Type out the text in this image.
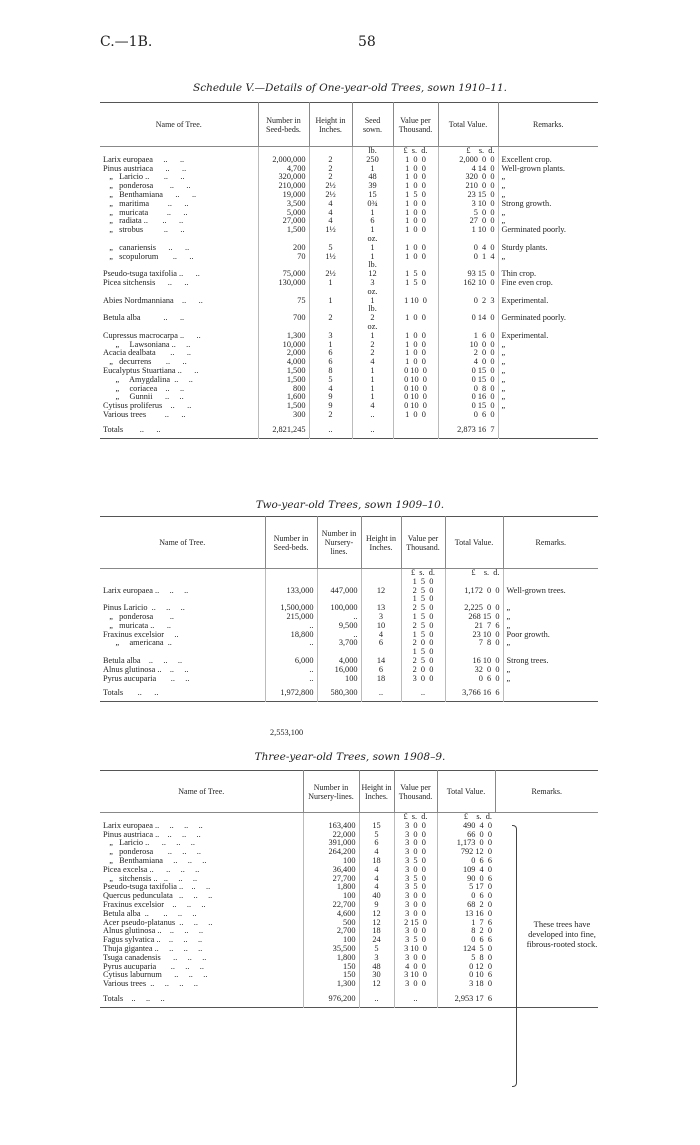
C.—1B.	58
Schedule V.—Details of One-year-old Trees, sown 1910–11.
Name of Tree.	Number in Seed-beds.	Height in Inches.	Seed sown.	Value per Thousand.	Total Value.	Remarks.
			lb.	£  s.  d.	£    s.  d.	
Larix europaea     ..      ..	2,000,000	2	250	1  0  0	2,000  0  0	Excellent crop.
Pinus austriaca      ..      ..	4,700	2	1	1  0  0	4 14  0	Well-grown plants.
„   Laricio ..       ..      ..	320,000	2	48	1  0  0	320  0  0	„
„   ponderosa        ..      ..	210,000	2½	39	1  0  0	210  0  0	„
„   Benthamiana      ..      ..	19,000	2½	15	1  5  0	23 15  0	„
„   maritima         ..      ..	3,500	4	0¾	1  0  0	3 10  0	Strong growth.
„   muricata         ..      ..	5,000	4	1	1  0  0	5  0  0	„
„   radiata ..       ..      ..	27,000	4	6	1  0  0	27  0  0	„
„   strobus          ..      ..	1,500	1½	1	1  0  0	1 10  0	Germinated poorly.
			oz.			
„   canariensis      ..      ..	200	5	1	1  0  0	0  4  0	Sturdy plants.
„   scopulorum       ..      ..	70	1½	1	1  0  0	0  1  4	„
			lb.			
Pseudo-tsuga taxifolia ..      ..	75,000	2½	12	1  5  0	93 15  0	Thin crop.
Picea sitchensis      ..      ..	130,000	1	3	1  5  0	162 10  0	Fine even crop.
			oz.			
Abies Nordmanniana    ..      ..	75	1	1	1 10  0	0  2  3	Experimental.
			lb.			
Betula alba           ..      ..	700	2	2	1  0  0	0 14  0	Germinated poorly.
			oz.			
Cupressus macrocarpa ..      ..	1,300	3	1	1  0  0	1  6  0	Experimental.
„     Lawsoniana ..     ..	10,000	1	2	1  0  0	10  0  0	„
Acacia dealbata       ..      ..	2,000	6	2	1  0  0	2  0  0	„
„   decurrens       ..      ..	4,000	6	4	1  0  0	4  0  0	„
Eucalyptus Stuartiana ..      ..	1,500	8	1	0 10  0	0 15  0	„
„     Amygdalina  ..     ..	1,500	5	1	0 10  0	0 15  0	„
„     coriacea    ..     ..	800	4	1	0 10  0	0  8  0	„
„     Gunnii      ..     ..	1,600	9	1	0 10  0	0 16  0	„
Cytisus proliferus    ..      ..	1,500	9	4	0 10  0	0 15  0	„
Various trees         ..      ..	300	2	..	1  0  0	0  6  0	
Totals        ..      ..	2,821,245	..	..		2,873 16  7	
Two-year-old Trees, sown 1909–10.
Name of Tree.	Number in Seed-beds.	Number in Nursery-lines.	Height in Inches.	Value per Thousand.	Total Value.	Remarks.
				£  s.  d.	£    s.  d.	
				1  5  0		
Larix europaea ..     ..     ..	133,000	447,000	12	2  5  0	1,172  0  0	Well-grown trees.
				1  5  0		
Pinus Laricio  ..     ..     ..	1,500,000	100,000	13	2  5  0	2,225  0  0	„
„   ponderosa        ..	215,000	..	3	1  5  0	268 15  0	„
„   muricata ..      ..	..	9,500	10	2  5  0	21  7  6	„
Fraxinus excelsior     ..	18,800	..	4	1  5  0	23 10  0	Poor growth.
„     americana  ..	..	3,700	6	2  0  0	7  8  0	„
				1  5  0		
Betula alba    ..     ..     ..	6,000	4,000	14	2  5  0	16 10  0	Strong trees.
Alnus glutinosa ..    ..     ..	..	16,000	6	2  0  0	32  0  0	„
Pyrus aucuparia       ..     ..	..	100	18	3  0  0	0  6  0	„
Totals       ..      ..	1,972,800	580,300	..	..	3,766 16  6	
2,553,100
Three-year-old Trees, sown 1908–9.
Name of Tree.	Number in Nursery-lines.	Height in Inches.	Value per Thousand.	Total Value.	Remarks.
			£  s.  d.	£    s.  d.	
Larix europaea ..     ..     ..     ..	163,400	15	3  0  0	490  4  0	
Pinus austriaca ..    ..     ..     ..	22,000	5	3  0  0	66  0  0	
„   Laricio ..      ..     ..     ..	391,000	6	3  0  0	1,173  0  0	
„   ponderosa       ..     ..     ..	264,200	4	3  0  0	792 12  0	
„   Benthamiana     ..     ..     ..	100	18	3  5  0	0  6  6	
Picea excelsa ..      ..     ..     ..	36,400	4	3  0  0	109  4  0	
„   sitchensis ..   ..     ..     ..	27,700	4	3  5  0	90  0  6	
Pseudo-tsuga taxifolia ..    ..     ..	1,800	4	3  5  0	5 17  0	
Quercus pedunculata   ..     ..     ..	100	40	3  0  0	0  6  0	
Fraxinus excelsior    ..     ..     ..	22,700	9	3  0  0	68  2  0	
Betula alba  ..       ..     ..     ..	4,600	12	3  0  0	13 16  0	
Acer pseudo-platanus  ..     ..     ..	500	12	2 15  0	1  7  6	
Alnus glutinosa ..    ..     ..     ..	2,700	18	3  0  0	8  2  0	
Fagus sylvatica ..    ..     ..     ..	100	24	3  5  0	0  6  6	
Thuja gigantea ..     ..     ..     ..	35,500	5	3 10  0	124  5  0	
Tsuga canadensis      ..     ..     ..	1,800	3	3  0  0	5  8  0	
Pyrus aucuparia       ..     ..     ..	150	48	4  0  0	0 12  0	
Cytisus laburnum      ..     ..     ..	150	30	3 10  0	0 10  6	
Various trees  ..     ..     ..     ..	1,300	12	3  0  0	3 18  0	
Totals    ..     ..     ..	976,200	..	..	2,953 17  6	
These trees have developed into fine, fibrous-rooted stock.
